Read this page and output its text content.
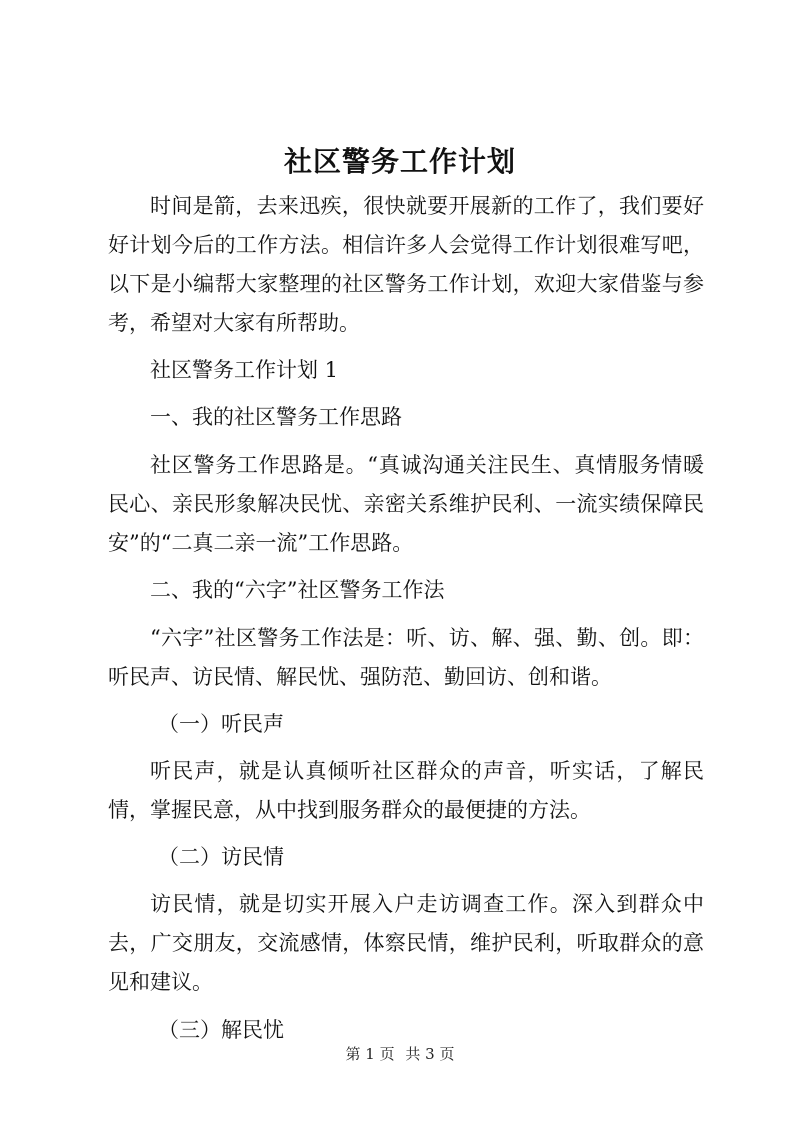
社区警务工作计划

时间是箭，去来迅疾，很快就要开展新的工作了，我们要好好计划今后的工作方法。相信许多人会觉得工作计划很难写吧，以下是小编帮大家整理的社区警务工作计划，欢迎大家借鉴与参考，希望对大家有所帮助。

社区警务工作计划 1

一、我的社区警务工作思路

社区警务工作思路是。“真诚沟通关注民生、真情服务情暖民心、亲民形象解决民忧、亲密关系维护民利、一流实绩保障民安”的“二真二亲一流”工作思路。

二、我的“六字”社区警务工作法

“六字”社区警务工作法是：听、访、解、强、勤、创。即：听民声、访民情、解民忧、强防范、勤回访、创和谐。

（一）听民声

听民声，就是认真倾听社区群众的声音，听实话，了解民情，掌握民意，从中找到服务群众的最便捷的方法。

（二）访民情

访民情，就是切实开展入户走访调查工作。深入到群众中去，广交朋友，交流感情，体察民情，维护民利，听取群众的意见和建议。

（三）解民忧

第 1 页 共 3 页
